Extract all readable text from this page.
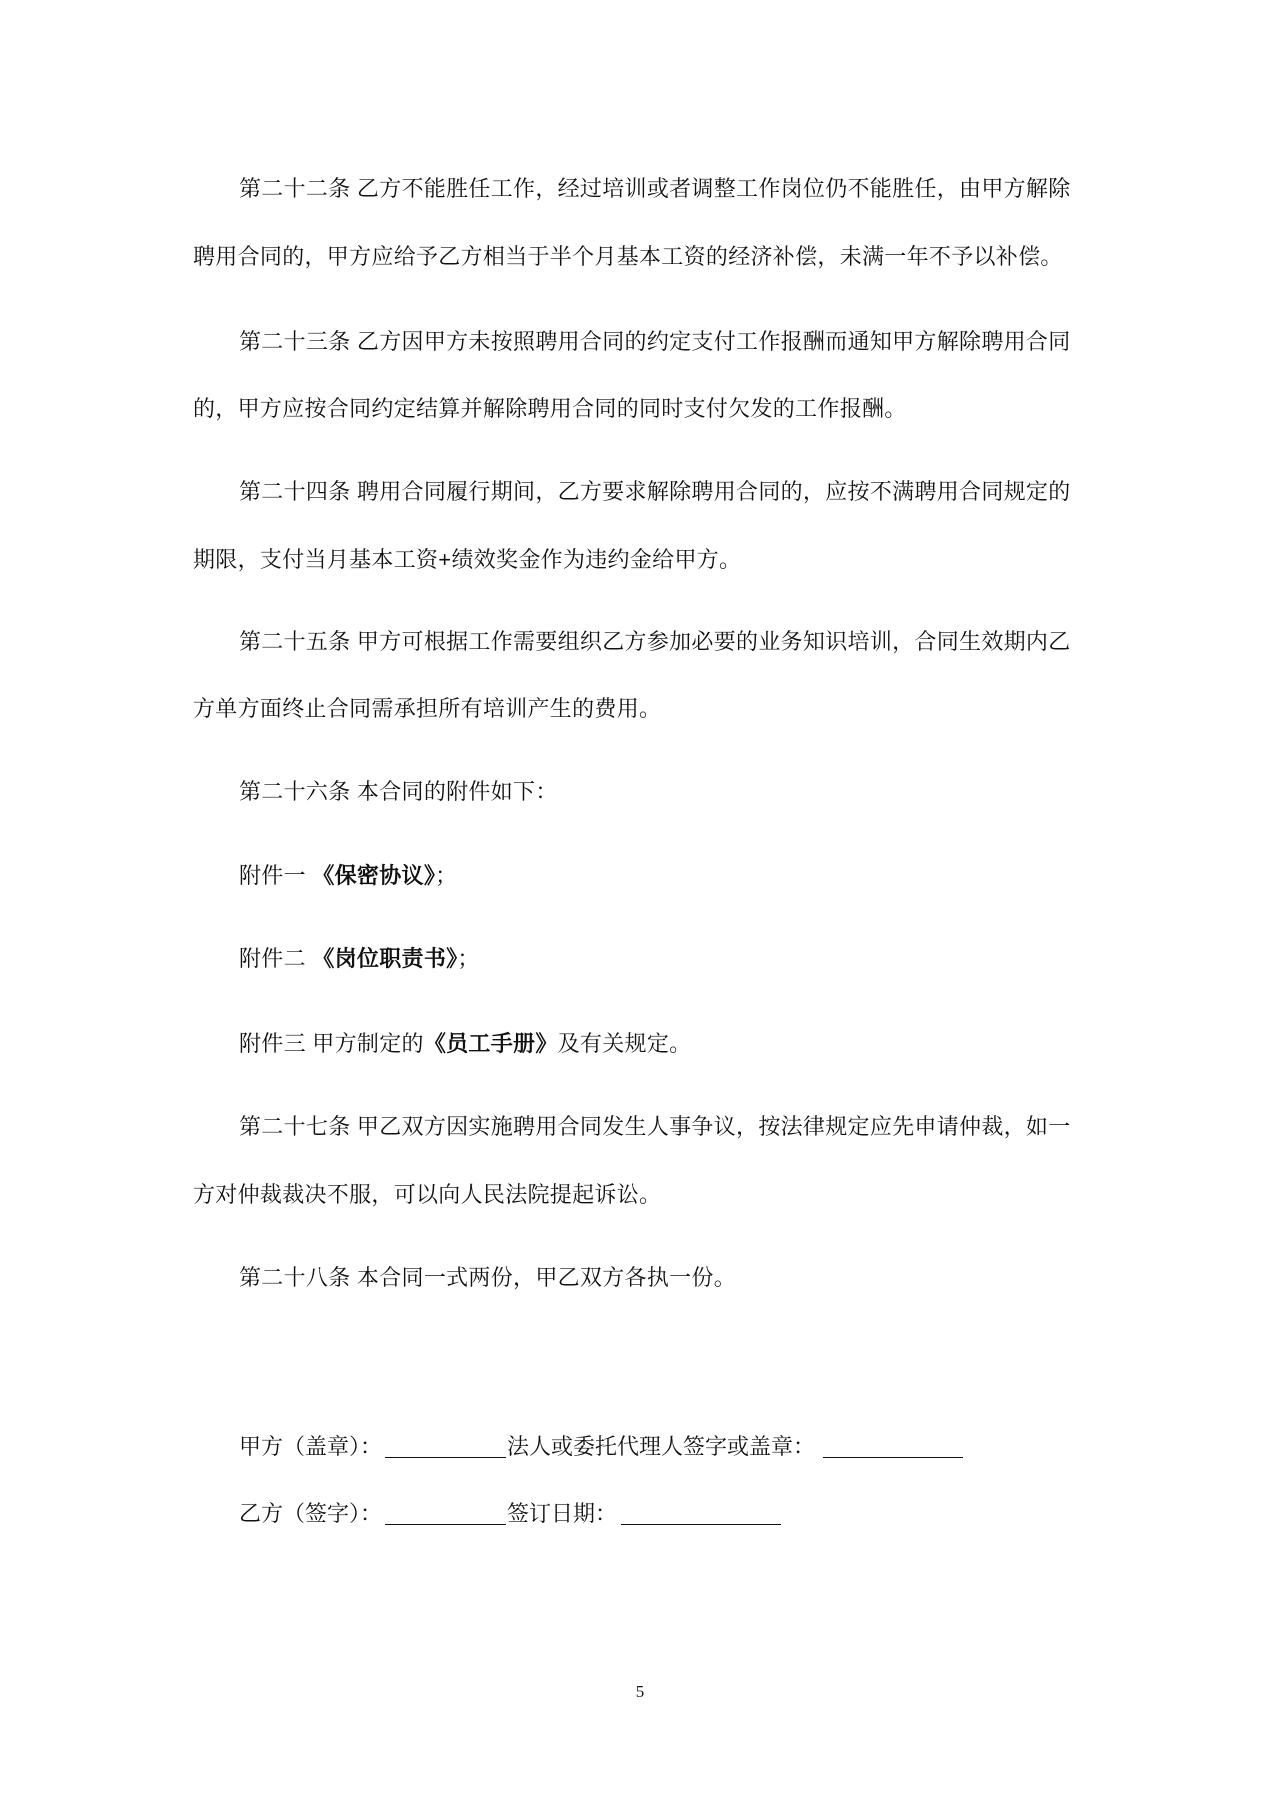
第二十二条 乙方不能胜任工作，经过培训或者调整工作岗位仍不能胜任，由甲方解除
聘用合同的，甲方应给予乙方相当于半个月基本工资的经济补偿，未满一年不予以补偿。
第二十三条 乙方因甲方未按照聘用合同的约定支付工作报酬而通知甲方解除聘用合同
的，甲方应按合同约定结算并解除聘用合同的同时支付欠发的工作报酬。
第二十四条 聘用合同履行期间，乙方要求解除聘用合同的，应按不满聘用合同规定的
期限，支付当月基本工资+绩效奖金作为违约金给甲方。
第二十五条 甲方可根据工作需要组织乙方参加必要的业务知识培训，合同生效期内乙
方单方面终止合同需承担所有培训产生的费用。
第二十六条 本合同的附件如下：
附件一 《保密协议》；
附件二 《岗位职责书》；
附件三 甲方制定的《员工手册》及有关规定。
第二十七条 甲乙双方因实施聘用合同发生人事争议，按法律规定应先申请仲裁，如一
方对仲裁裁决不服，可以向人民法院提起诉讼。
第二十八条 本合同一式两份，甲乙双方各执一份。
甲方（盖章）：	法人或委托代理人签字或盖章：
乙方（签字）：	签订日期：
5
